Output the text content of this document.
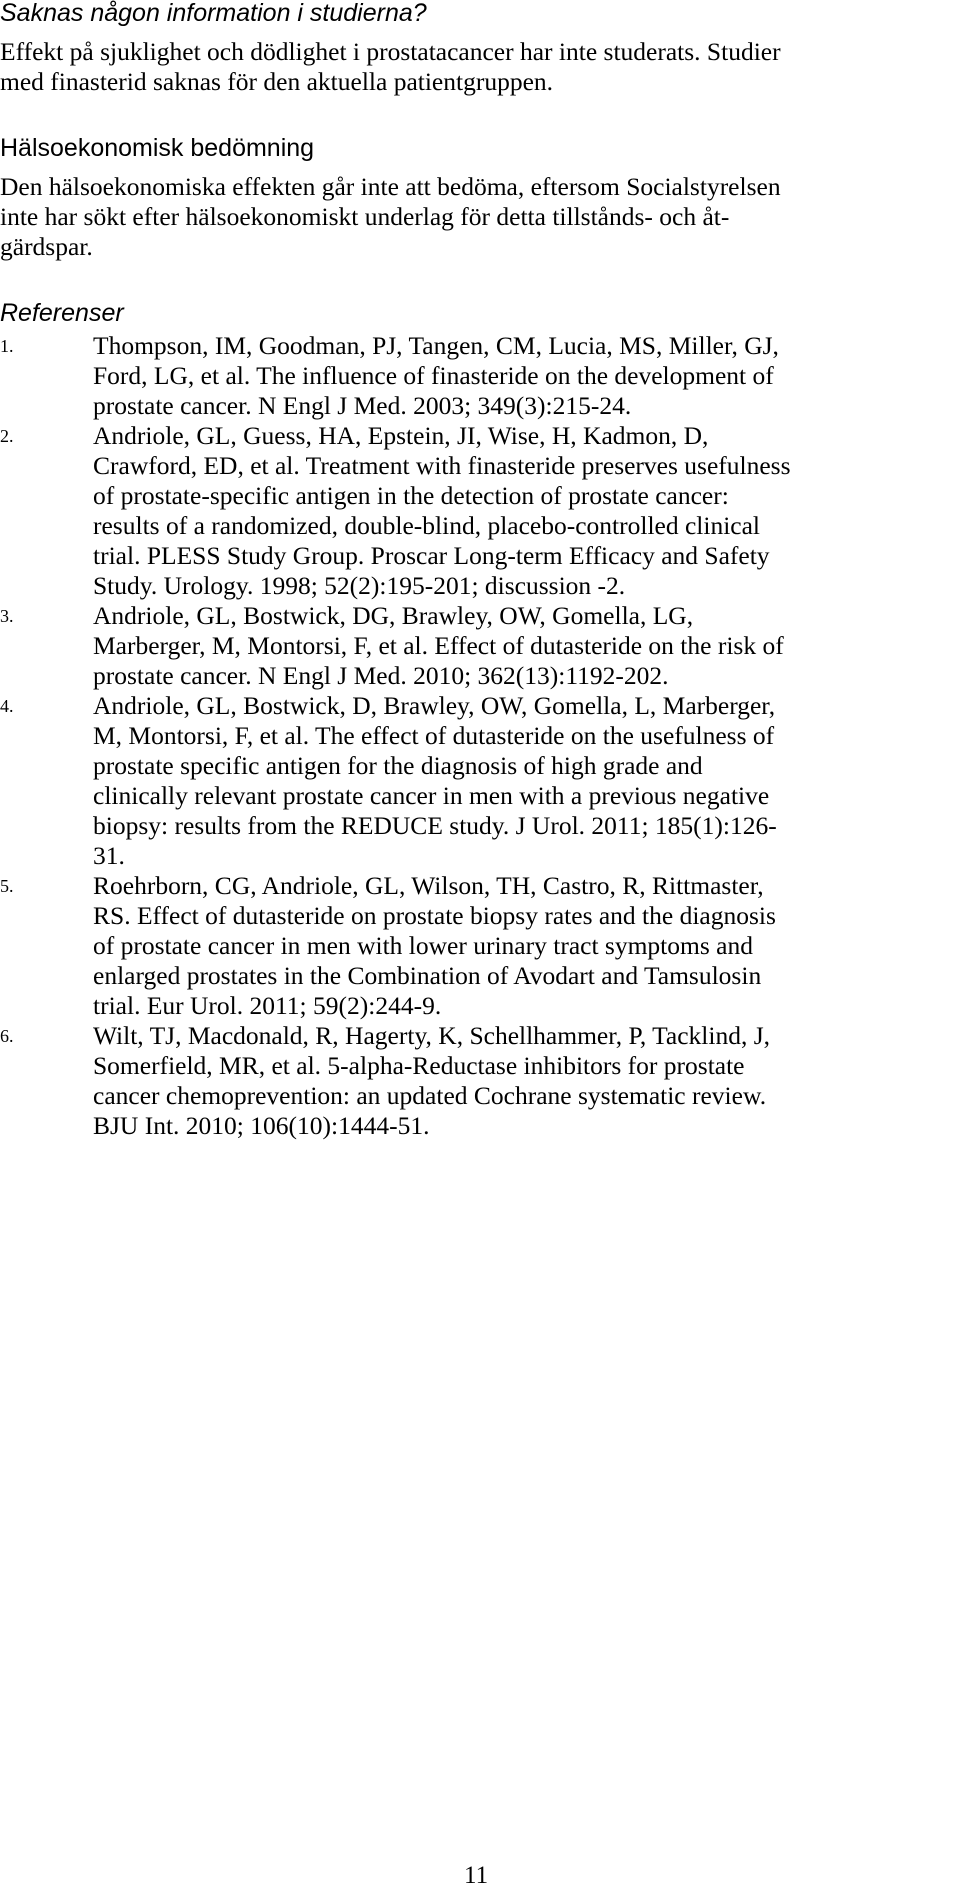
Saknas någon information i studierna?
Effekt på sjuklighet och dödlighet i prostatacancer har inte studerats. Studier
med finasterid saknas för den aktuella patientgruppen.
Hälsoekonomisk bedömning
Den hälsoekonomiska effekten går inte att bedöma, eftersom Socialstyrelsen
inte har sökt efter hälsoekonomiskt underlag för detta tillstånds- och åt-
gärdspar.
Referenser
1.	Thompson, IM, Goodman, PJ, Tangen, CM, Lucia, MS, Miller, GJ,
Ford, LG, et al. The influence of finasteride on the development of
prostate cancer. N Engl J Med. 2003; 349(3):215-24.
2.	Andriole, GL, Guess, HA, Epstein, JI, Wise, H, Kadmon, D,
Crawford, ED, et al. Treatment with finasteride preserves usefulness
of prostate-specific antigen in the detection of prostate cancer:
results of a randomized, double-blind, placebo-controlled clinical
trial. PLESS Study Group. Proscar Long-term Efficacy and Safety
Study. Urology. 1998; 52(2):195-201; discussion -2.
3.	Andriole, GL, Bostwick, DG, Brawley, OW, Gomella, LG,
Marberger, M, Montorsi, F, et al. Effect of dutasteride on the risk of
prostate cancer. N Engl J Med. 2010; 362(13):1192-202.
4.	Andriole, GL, Bostwick, D, Brawley, OW, Gomella, L, Marberger,
M, Montorsi, F, et al. The effect of dutasteride on the usefulness of
prostate specific antigen for the diagnosis of high grade and
clinically relevant prostate cancer in men with a previous negative
biopsy: results from the REDUCE study. J Urol. 2011; 185(1):126-
31.
5.	Roehrborn, CG, Andriole, GL, Wilson, TH, Castro, R, Rittmaster,
RS. Effect of dutasteride on prostate biopsy rates and the diagnosis
of prostate cancer in men with lower urinary tract symptoms and
enlarged prostates in the Combination of Avodart and Tamsulosin
trial. Eur Urol. 2011; 59(2):244-9.
6.	Wilt, TJ, Macdonald, R, Hagerty, K, Schellhammer, P, Tacklind, J,
Somerfield, MR, et al. 5-alpha-Reductase inhibitors for prostate
cancer chemoprevention: an updated Cochrane systematic review.
BJU Int. 2010; 106(10):1444-51.
11
